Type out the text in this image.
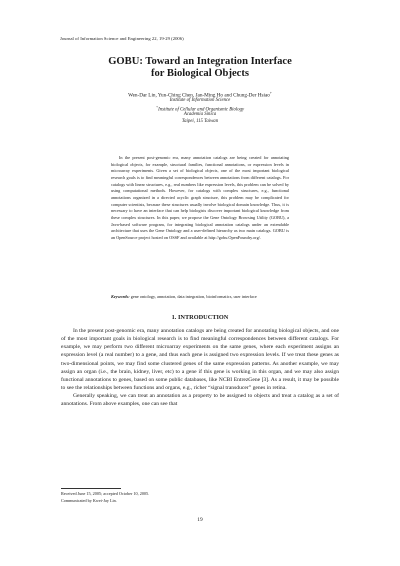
Journal of Information Science and Engineering 22, 19-29 (2006)
GOBU: Toward an Integration Interface
for Biological Objects
Wen-Dar Lin, Yun-Ching Chen, Jan-Ming Ho and Chung-Der Hsiao+
Institute of Information Science
+Institute of Cellular and Organismic Biology
Academia Sinica
Taipei, 115 Taiwan

In the present post-genomic era, many annotation catalogs are being created for annotating biological objects, for example, structural families, functional annotations, or expression levels in microarray experiments. Given a set of biological objects, one of the most important biological research goals is to find meaningful correspondences between annotations from different catalogs. For catalogs with linear structures, e.g., real numbers like expression levels, this problem can be solved by using computational methods. However, for catalogs with complex structures, e.g., functional annotations organized in a directed acyclic graph structure, this problem may be complicated for computer scientists, because these structures usually involve biological domain knowledge. Thus, it is necessary to have an interface that can help biologists discover important biological knowledge from these complex structures. In this paper, we propose the Gene Ontology Browsing Utility (GOBU), a Java-based software program, for integrating biological annotation catalogs under an extendable architecture that uses the Gene Ontology and a user-defined hierarchy as two main catalogs. GOBU is an OpenSource project hosted on OSSF and available at http://gobu.OpenFoundry.org/.

Keywords: gene ontology, annotation, data integration, bioinformatics, user interface
1. INTRODUCTION

In the present post-genomic era, many annotation catalogs are being created for annotating biological objects, and one of the most important goals in biological research is to find meaningful correspondences between different catalogs. For example, we may perform two different microarray experiments on the same genes, where each experiment assigns an expression level (a real number) to a gene, and thus each gene is assigned two expression levels. If we treat these genes as two-dimensional points, we may find some clustered genes of the same expression patterns. As another example, we may assign an organ (i.e., the brain, kidney, liver, etc) to a gene if this gene is working in this organ, and we may also assign functional annotations to genes, based on some public databases, like NCBI EntrezGene [3]. As a result, it may be possible to see the relationships between functions and organs, e.g., richer “signal transducer” genes in retina.

Generally speaking, we can treat an annotation as a property to be assigned to objects and treat a catalog as a set of annotations. From above examples, one can see that

Received June 15, 2005; accepted October 10, 2005.
Communicated by Kwei-Jay Lin.
19
